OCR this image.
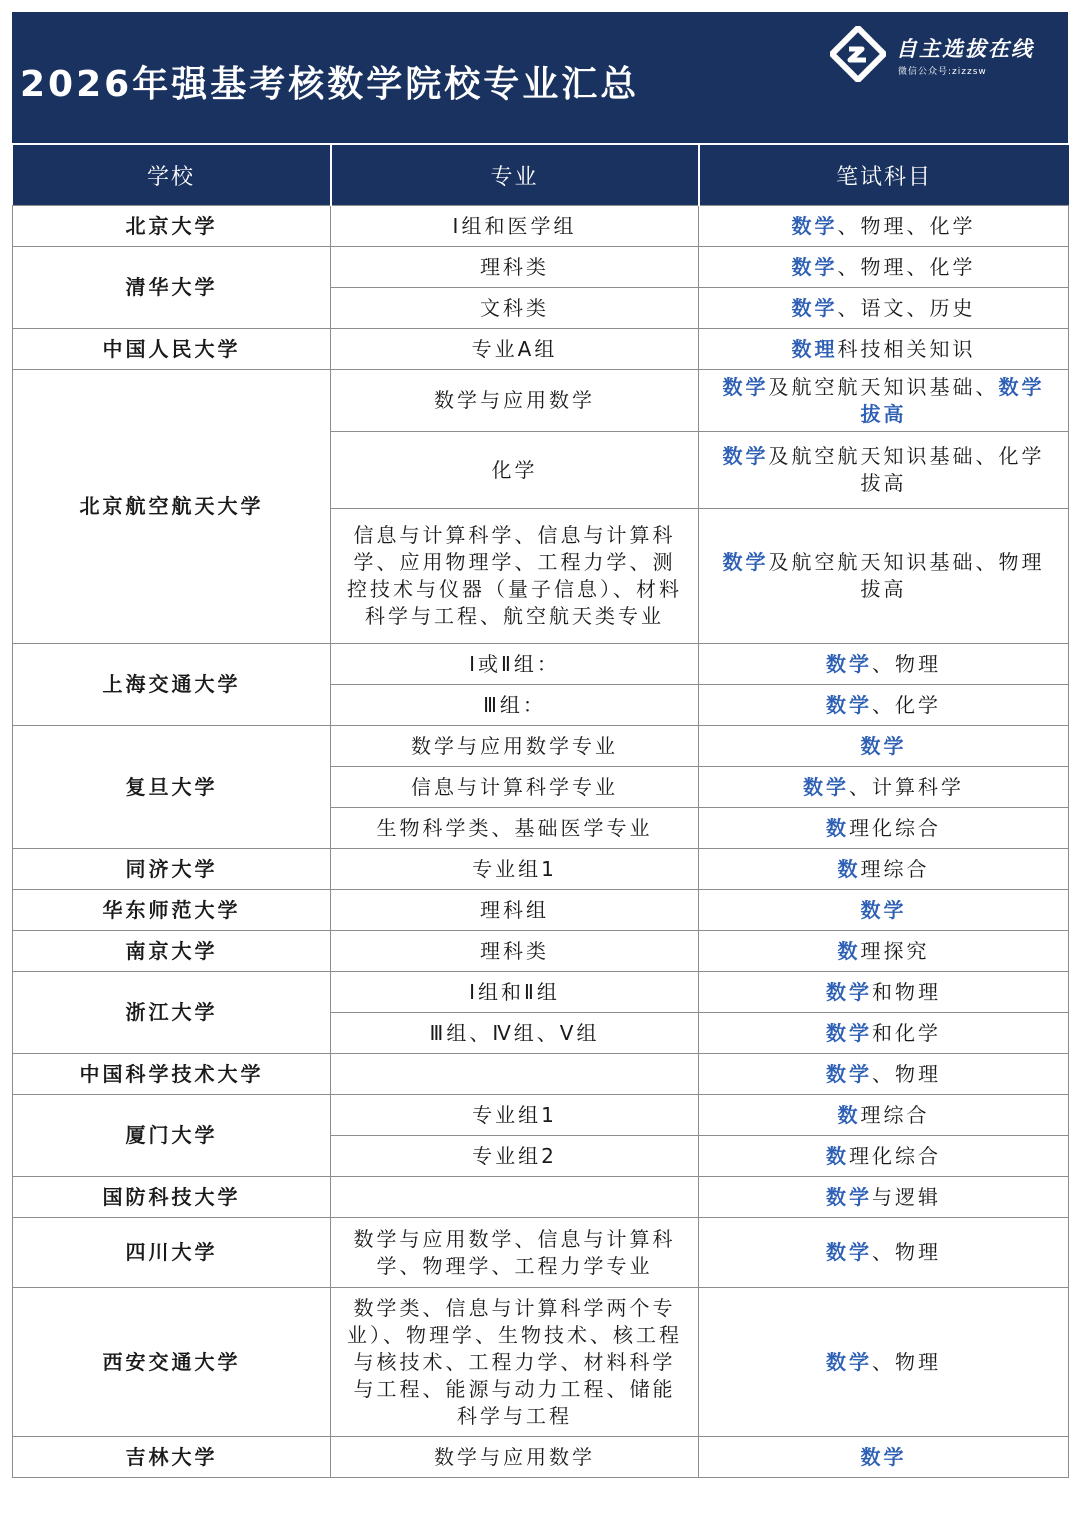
2026年强基考核数学院校专业汇总
自主选拔在线
微信公众号:zizzsw
学校	专业	笔试科目
北京大学	Ⅰ组和医学组	数学、物理、化学
清华大学	理科类	数学、物理、化学
	文科类	数学、语文、历史
中国人民大学	专业A组	数理科技相关知识
北京航空航天大学	数学与应用数学	数学及航空航天知识基础、数学拔高
	化学	数学及航空航天知识基础、化学拔高
	信息与计算科学、信息与计算科学、应用物理学、工程力学、测控技术与仪器（量子信息）、材料科学与工程、航空航天类专业	数学及航空航天知识基础、物理拔高
上海交通大学	Ⅰ或Ⅱ组：	数学、物理
	Ⅲ组：	数学、化学
复旦大学	数学与应用数学专业	数学
	信息与计算科学专业	数学、计算科学
	生物科学类、基础医学专业	数理化综合
同济大学	专业组1	数理综合
华东师范大学	理科组	数学
南京大学	理科类	数理探究
浙江大学	Ⅰ组和Ⅱ组	数学和物理
	Ⅲ组、Ⅳ组、Ⅴ组	数学和化学
中国科学技术大学		数学、物理
厦门大学	专业组1	数理综合
	专业组2	数理化综合
国防科技大学		数学与逻辑
四川大学	数学与应用数学、信息与计算科学、物理学、工程力学专业	数学、物理
西安交通大学	数学类、信息与计算科学两个专业）、物理学、生物技术、核工程与核技术、工程力学、材料科学与工程、能源与动力工程、储能科学与工程	数学、物理
吉林大学	数学与应用数学	数学
